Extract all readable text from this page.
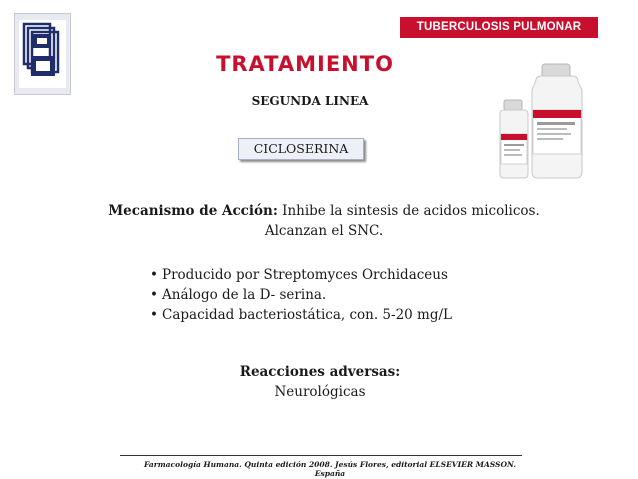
TUBERCULOSIS PULMONAR
TRATAMIENTO
SEGUNDA LINEA
CICLOSERINA
Mecanismo de Acción: Inhibe la sintesis de acidos micolicos.
Alcanzan el SNC.
• Producido por Streptomyces Orchidaceus
• Análogo de la D- serina.
• Capacidad bacteriostática, con. 5-20 mg/L
Reacciones adversas:
Neurológicas
Farmacología Humana. Quinta edición 2008. Jesús Flores, editorial ELSEVIER MASSON. España
